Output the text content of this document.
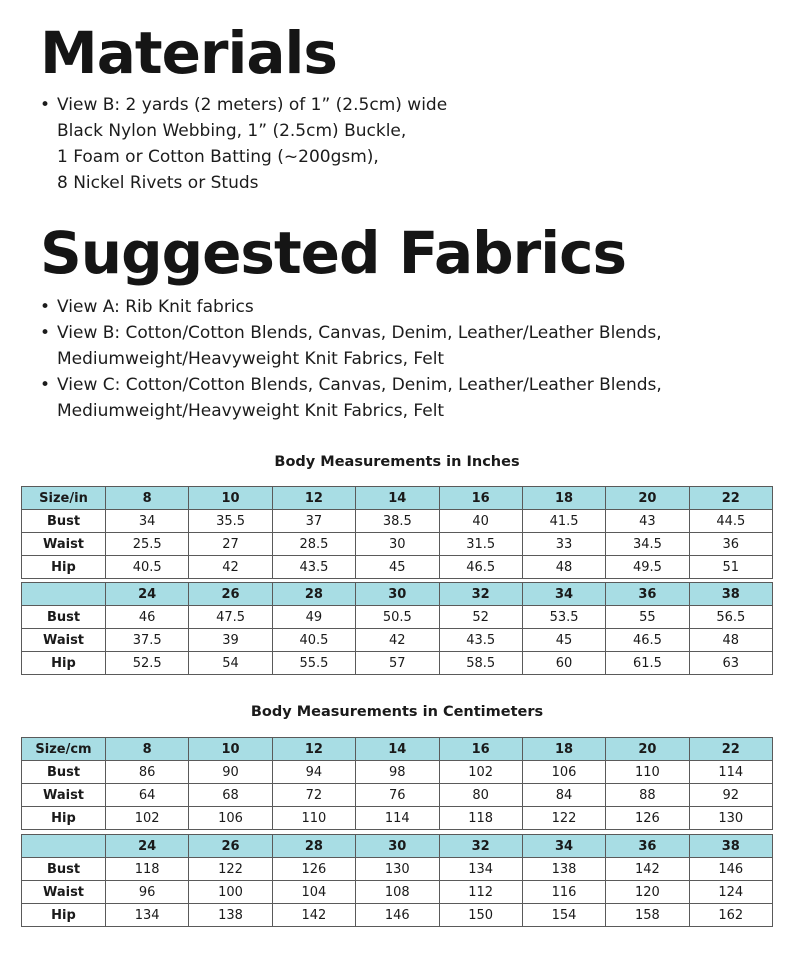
Materials
• View B: 2 yards (2 meters) of 1” (2.5cm) wide
Black Nylon Webbing, 1” (2.5cm) Buckle,
1 Foam or Cotton Batting (~200gsm),
8 Nickel Rivets or Studs
Suggested Fabrics
• View A: Rib Knit fabrics
• View B: Cotton/Cotton Blends, Canvas, Denim, Leather/Leather Blends,
Mediumweight/Heavyweight Knit Fabrics, Felt
• View C: Cotton/Cotton Blends, Canvas, Denim, Leather/Leather Blends,
Mediumweight/Heavyweight Knit Fabrics, Felt
Body Measurements in Inches
Size/in	8	10	12	14	16	18	20	22
Bust	34	35.5	37	38.5	40	41.5	43	44.5
Waist	25.5	27	28.5	30	31.5	33	34.5	36
Hip	40.5	42	43.5	45	46.5	48	49.5	51
	24	26	28	30	32	34	36	38
Bust	46	47.5	49	50.5	52	53.5	55	56.5
Waist	37.5	39	40.5	42	43.5	45	46.5	48
Hip	52.5	54	55.5	57	58.5	60	61.5	63
Body Measurements in Centimeters
Size/cm	8	10	12	14	16	18	20	22
Bust	86	90	94	98	102	106	110	114
Waist	64	68	72	76	80	84	88	92
Hip	102	106	110	114	118	122	126	130
	24	26	28	30	32	34	36	38
Bust	118	122	126	130	134	138	142	146
Waist	96	100	104	108	112	116	120	124
Hip	134	138	142	146	150	154	158	162
